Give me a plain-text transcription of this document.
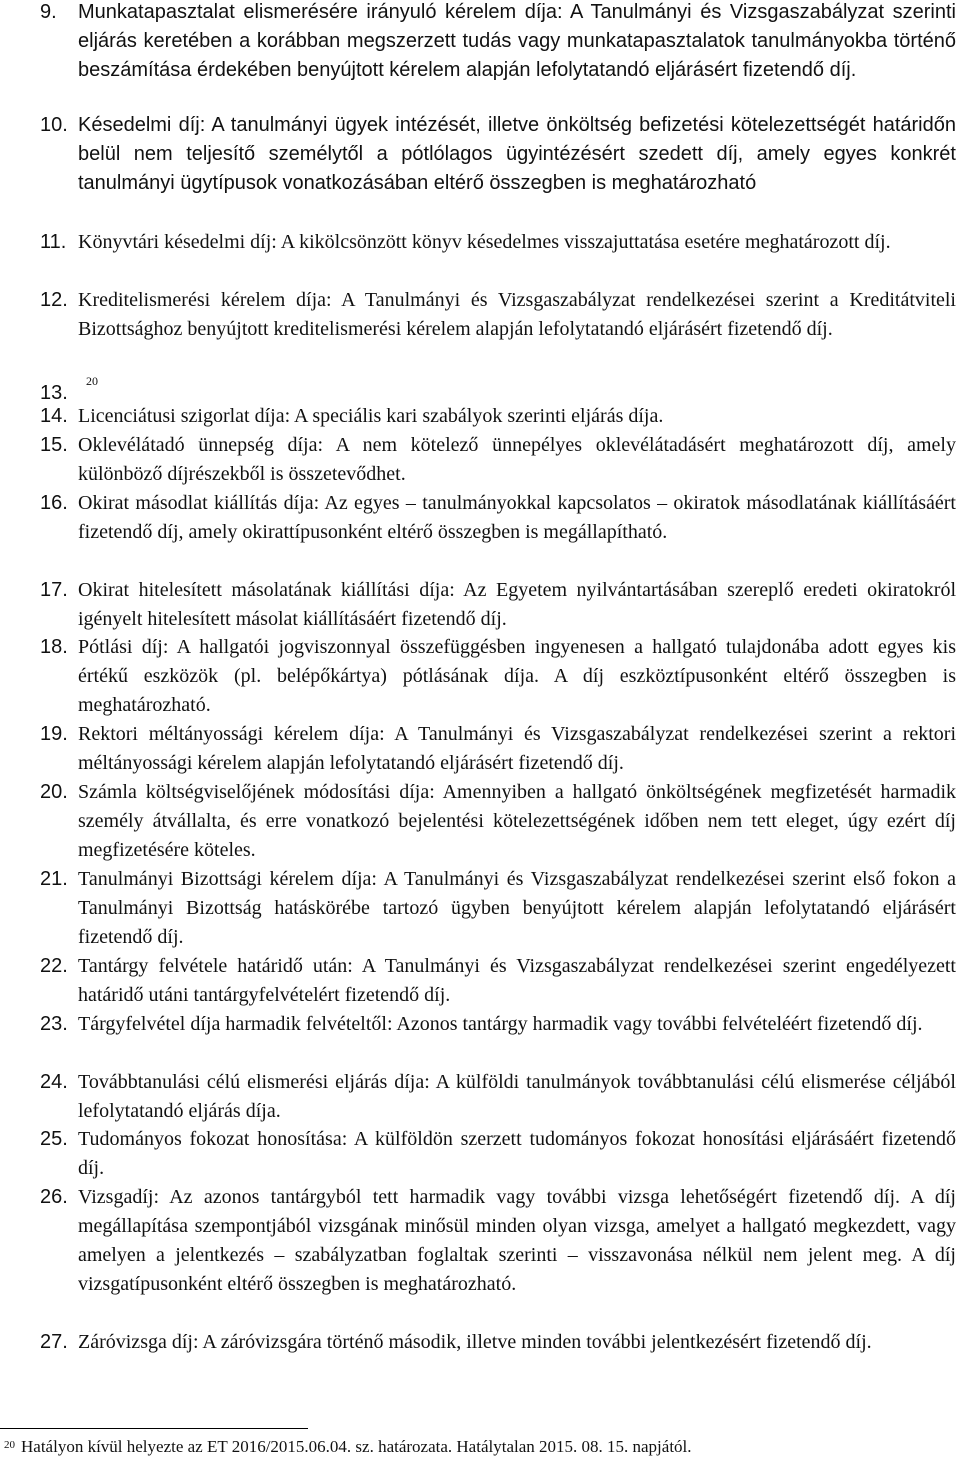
9.	Munkatapasztalat elismerésére irányuló kérelem díja: A Tanulmányi és Vizsgaszabályzat szerinti eljárás keretében a korábban megszerzett tudás vagy munkatapasztalatok tanulmányokba történő beszámítása érdekében benyújtott kérelem alapján lefolytatandó eljárásért fizetendő díj.
10. Késedelmi díj: A tanulmányi ügyek intézését, illetve önköltség befizetési kötelezettségét határidőn belül nem teljesítő személytől a pótlólagos ügyintézésért szedett díj, amely egyes konkrét tanulmányi ügytípusok vonatkozásában eltérő összegben is meghatározható
11. Könyvtári késedelmi díj: A kikölcsönzött könyv késedelmes visszajuttatása esetére meghatározott díj.
12. Kreditelismerési kérelem díja: A Tanulmányi és Vizsgaszabályzat rendelkezései szerint a Kreditátviteli Bizottsághoz benyújtott kreditelismerési kérelem alapján lefolytatandó eljárásért fizetendő díj.
13.
$^{20}$
14. Licenciátusi szigorlat díja: A speciális kari szabályok szerinti eljárás díja.
15. Oklevélátadó ünnepség díja: A nem kötelező ünnepélyes oklevélátadásért meghatározott díj, amely különböző díjrészekből is összetevődhet.
16. Okirat másodlat kiállítás díja: Az egyes – tanulmányokkal kapcsolatos – okiratok másodlatának kiállításáért fizetendő díj, amely okirattípusonként eltérő összegben is megállapítható.
17. Okirat hitelesített másolatának kiállítási díja: Az Egyetem nyilvántartásában szereplő eredeti okiratokról igényelt hitelesített másolat kiállításáért fizetendő díj.
18. Pótlási díj: A hallgatói jogviszonnyal összefüggésben ingyenesen a hallgató tulajdonába adott egyes kis értékű eszközök (pl. belépőkártya) pótlásának díja. A díj eszköztípusonként eltérő összegben is meghatározható.
19. Rektori méltányossági kérelem díja: A Tanulmányi és Vizsgaszabályzat rendelkezései szerint a rektori méltányossági kérelem alapján lefolytatandó eljárásért fizetendő díj.
20. Számla költségviselőjének módosítási díja: Amennyiben a hallgató önköltségének megfizetését harmadik személy átvállalta, és erre vonatkozó bejelentési kötelezettségének időben nem tett eleget, úgy ezért díj megfizetésére köteles.
21. Tanulmányi Bizottsági kérelem díja: A Tanulmányi és Vizsgaszabályzat rendelkezései szerint első fokon a Tanulmányi Bizottság hatáskörébe tartozó ügyben benyújtott kérelem alapján lefolytatandó eljárásért fizetendő díj.
22. Tantárgy felvétele határidő után: A Tanulmányi és Vizsgaszabályzat rendelkezései szerint engedélyezett határidő utáni tantárgyfelvételért fizetendő díj.
23. Tárgyfelvétel díja harmadik felvételtől: Azonos tantárgy harmadik vagy további felvételéért fizetendő díj.
24. Továbbtanulási célú elismerési eljárás díja: A külföldi tanulmányok továbbtanulási célú elismerése céljából lefolytatandó eljárás díja.
25. Tudományos fokozat honosítása: A külföldön szerzett tudományos fokozat honosítási eljárásáért fizetendő díj.
26. Vizsgadíj: Az azonos tantárgyból tett harmadik vagy további vizsga lehetőségért fizetendő díj. A díj megállapítása szempontjából vizsgának minősül minden olyan vizsga, amelyet a hallgató megkezdett, vagy amelyen a jelentkezés – szabályzatban foglaltak szerinti – visszavonása nélkül nem jelent meg. A díj vizsgatípusonként eltérő összegben is meghatározható.
27. Záróvizsga díj: A záróvizsgára történő második, illetve minden további jelentkezésért fizetendő díj.
$^{20}$ Hatályon kívül helyezte az ET 2016/2015.06.04. sz. határozata. Hatálytalan 2015. 08. 15. napjától.
